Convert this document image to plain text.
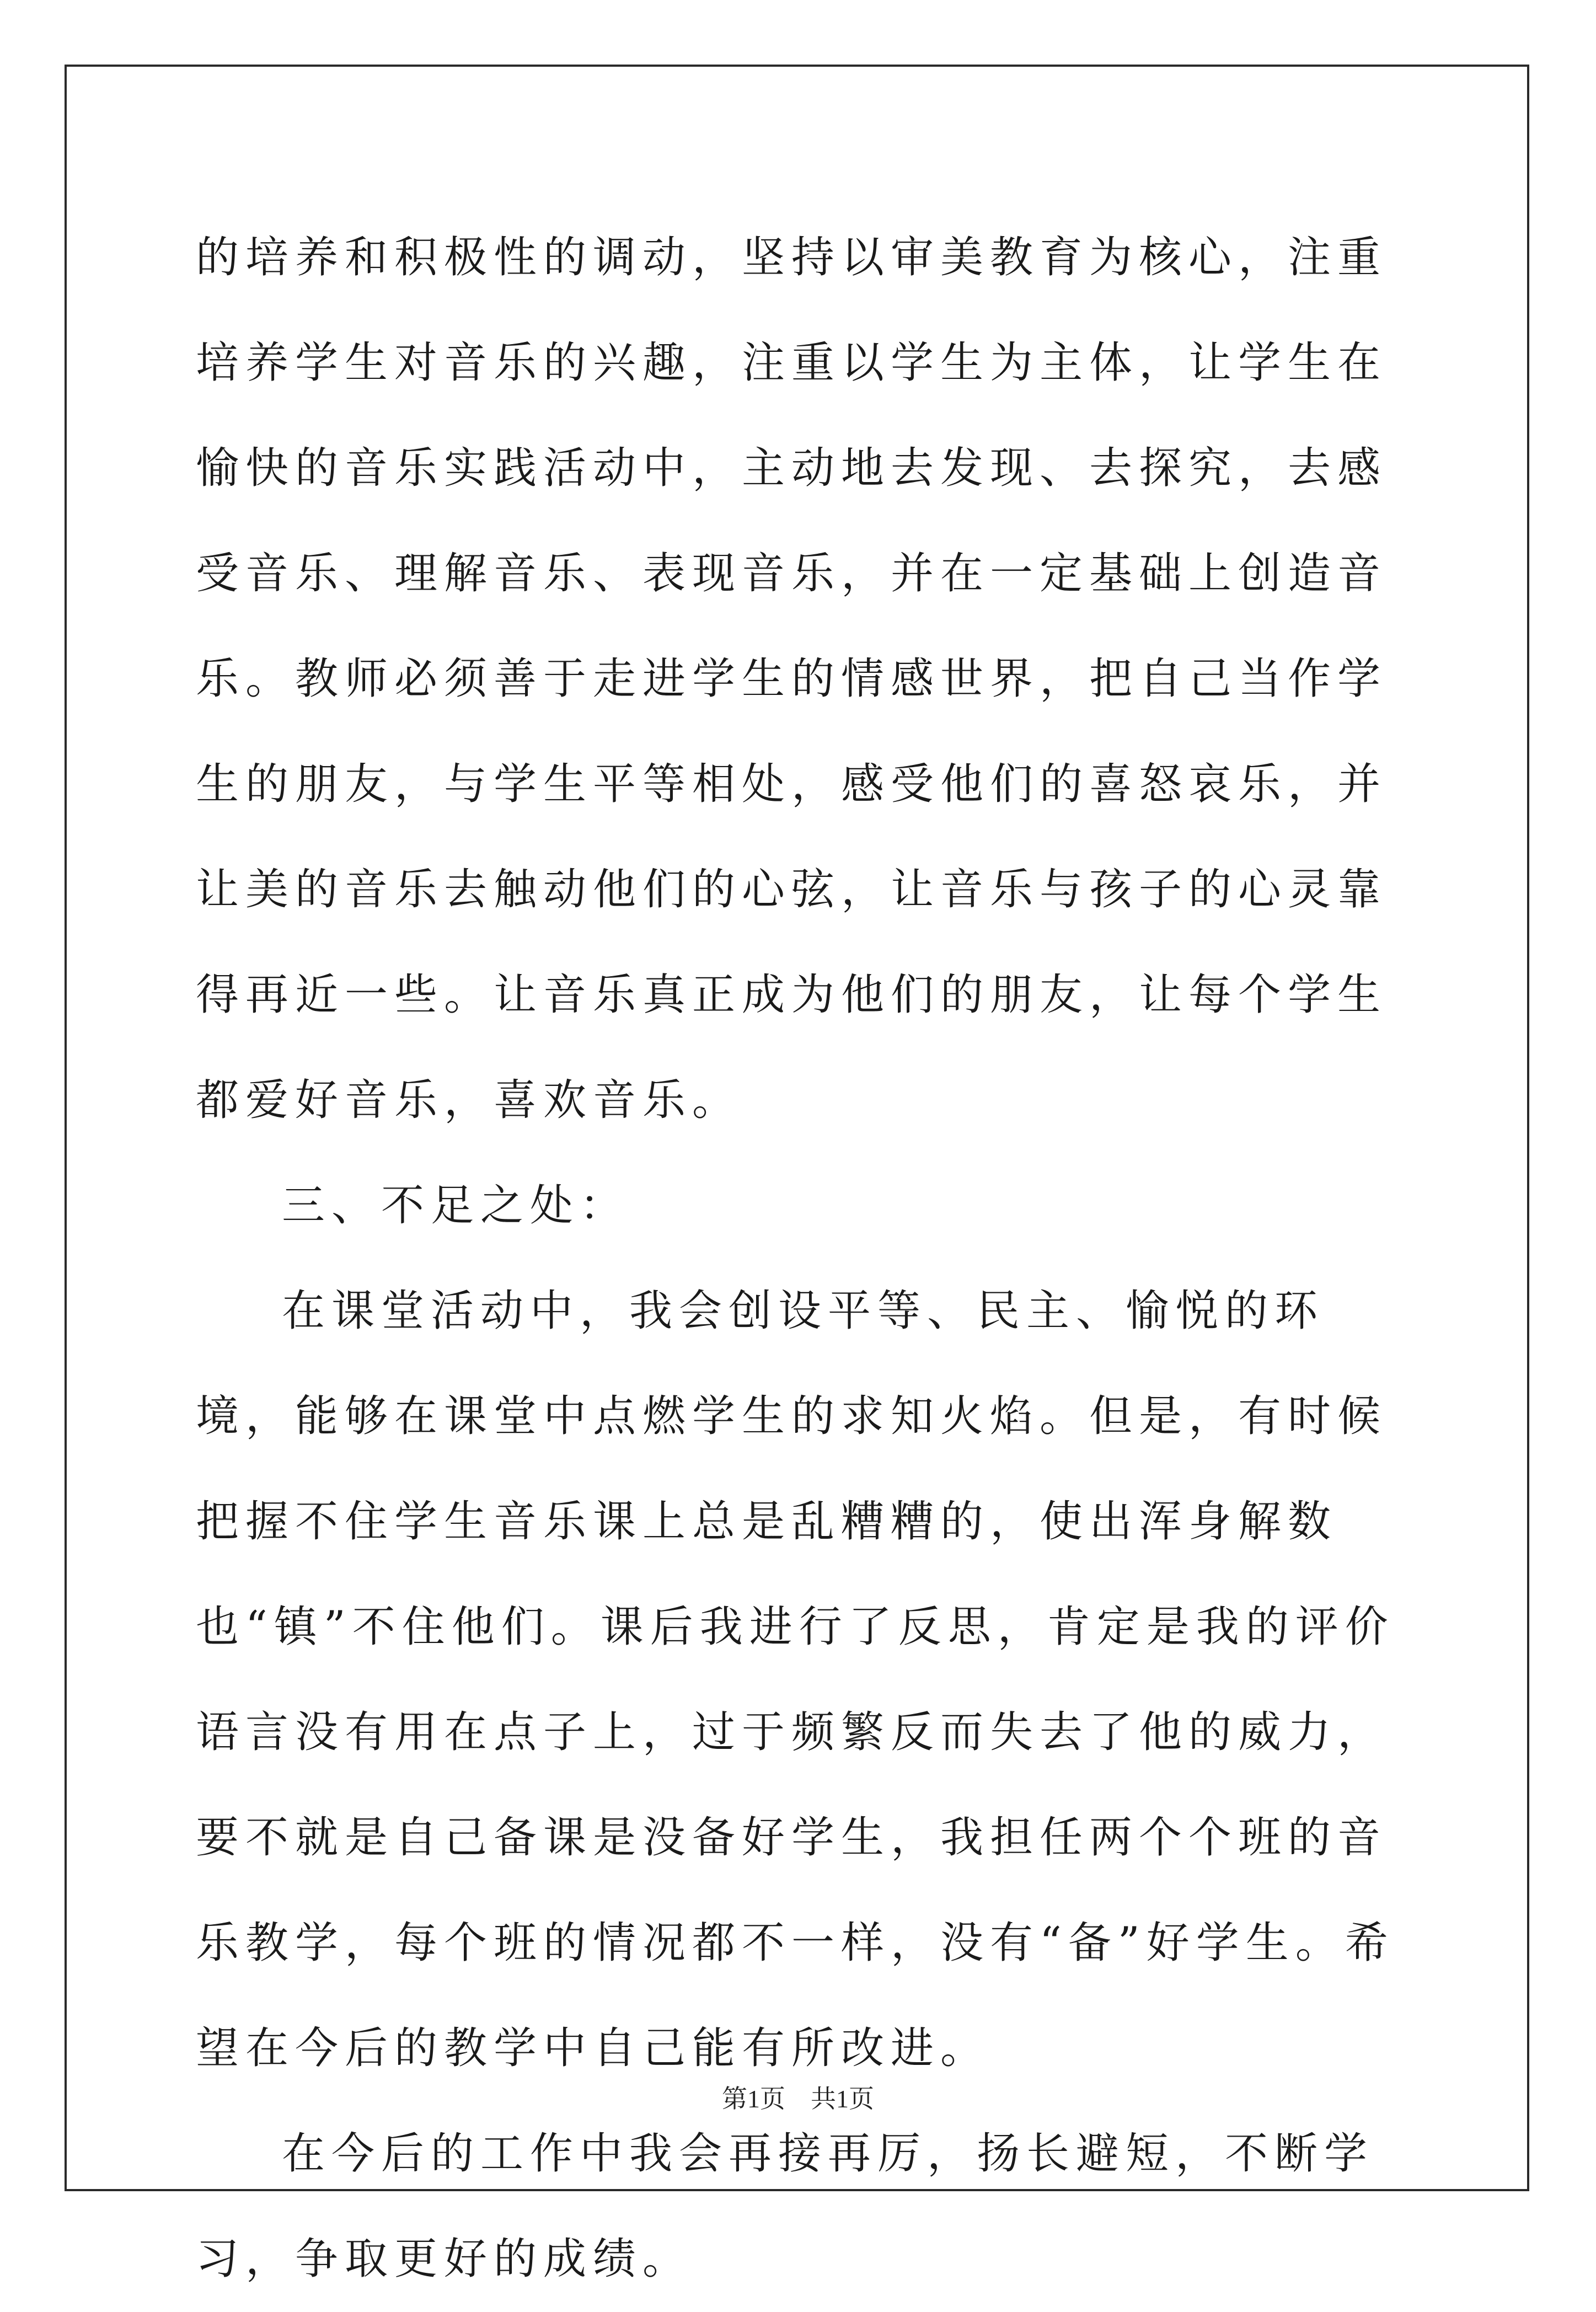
的培养和积极性的调动，坚持以审美教育为核心，注重培养学生对音乐的兴趣，注重以学生为主体，让学生在愉快的音乐实践活动中，主动地去发现、去探究，去感受音乐、理解音乐、表现音乐，并在一定基础上创造音乐。教师必须善于走进学生的情感世界，把自己当作学生的朋友，与学生平等相处，感受他们的喜怒哀乐，并让美的音乐去触动他们的心弦，让音乐与孩子的心灵靠得再近一些。让音乐真正成为他们的朋友，让每个学生都爱好音乐，喜欢音乐。

三、不足之处：

在课堂活动中，我会创设平等、民主、愉悦的环境，能够在课堂中点燃学生的求知火焰。但是，有时候把握不住学生音乐课上总是乱糟糟的，使出浑身解数也“镇”不住他们。课后我进行了反思，肯定是我的评价语言没有用在点子上，过于频繁反而失去了他的威力，要不就是自己备课是没备好学生，我担任两个个班的音乐教学，每个班的情况都不一样，没有“备”好学生。希望在今后的教学中自己能有所改进。

在今后的工作中我会再接再厉，扬长避短，不断学习，争取更好的成绩。

第1页　共1页
